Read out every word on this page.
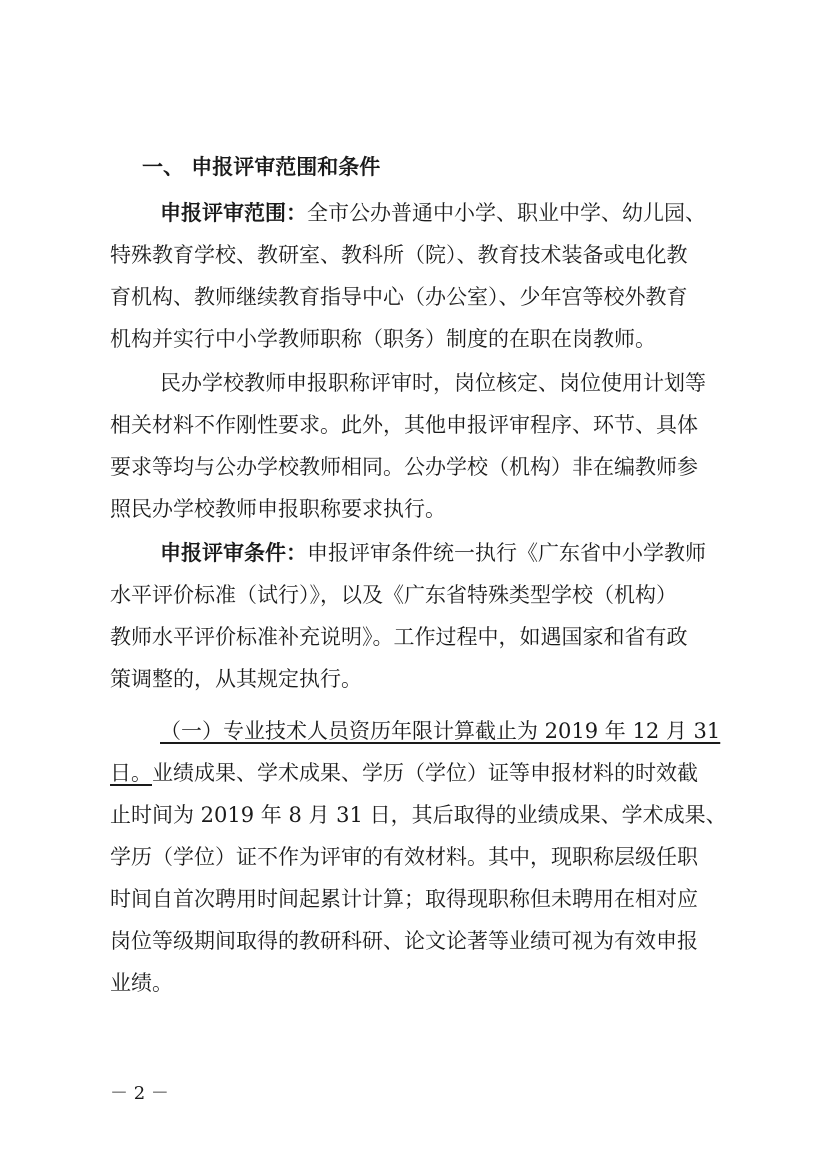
一、 申报评审范围和条件
申报评审范围：全市公办普通中小学、职业中学、幼儿园、
特殊教育学校、教研室、教科所（院）、教育技术装备或电化教
育机构、教师继续教育指导中心（办公室）、少年宫等校外教育
机构并实行中小学教师职称（职务）制度的在职在岗教师。
民办学校教师申报职称评审时，岗位核定、岗位使用计划等
相关材料不作刚性要求。此外，其他申报评审程序、环节、具体
要求等均与公办学校教师相同。公办学校（机构）非在编教师参
照民办学校教师申报职称要求执行。
申报评审条件：申报评审条件统一执行《广东省中小学教师
水平评价标准（试行）》，以及《广东省特殊类型学校（机构）
教师水平评价标准补充说明》。工作过程中，如遇国家和省有政
策调整的，从其规定执行。
（一）专业技术人员资历年限计算截止为 2019 年 12 月 31
日。业绩成果、学术成果、学历（学位）证等申报材料的时效截
止时间为 2019 年 8 月 31 日，其后取得的业绩成果、学术成果、
学历（学位）证不作为评审的有效材料。其中，现职称层级任职
时间自首次聘用时间起累计计算；取得现职称但未聘用在相对应
岗位等级期间取得的教研科研、论文论著等业绩可视为有效申报
业绩。
－ 2 －
